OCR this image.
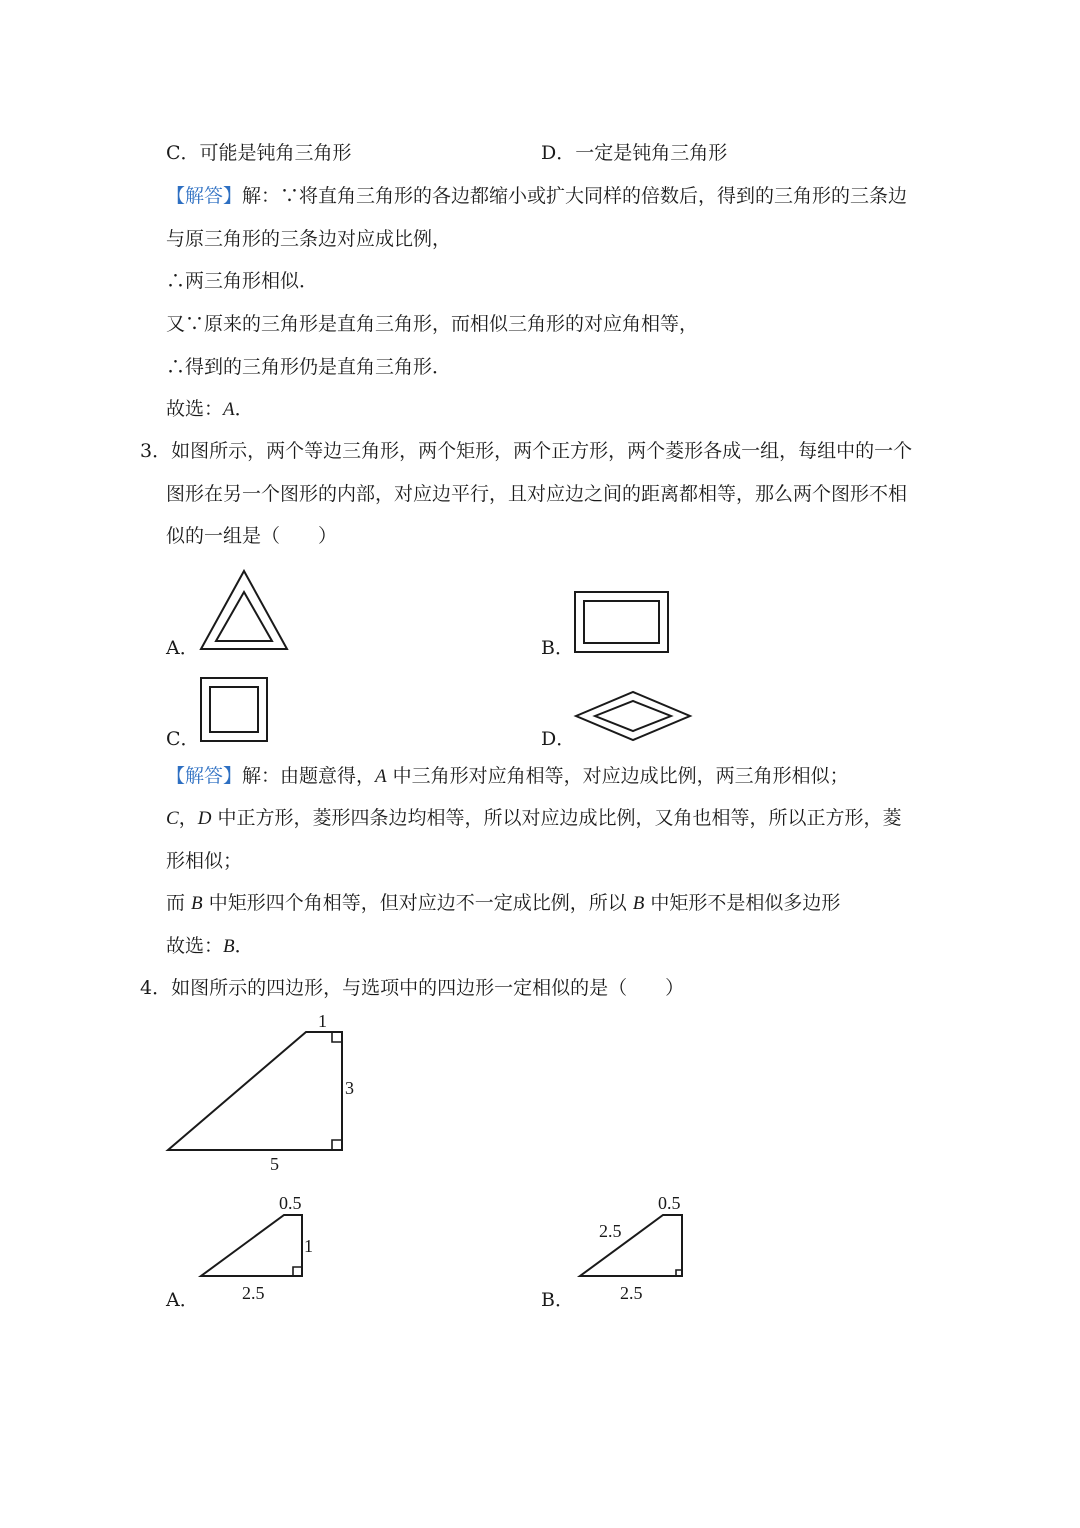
C．可能是钝角三角形	D．一定是钝角三角形
【解答】解：∵将直角三角形的各边都缩小或扩大同样的倍数后，得到的三角形的三条边
与原三角形的三条边对应成比例，
∴两三角形相似．
又∵原来的三角形是直角三角形，而相似三角形的对应角相等，
∴得到的三角形仍是直角三角形．
故选：A．
3．如图所示，两个等边三角形，两个矩形，两个正方形，两个菱形各成一组，每组中的一个
图形在另一个图形的内部，对应边平行，且对应边之间的距离都相等，那么两个图形不相
似的一组是（　　）
A．	B．
C．	D．
【解答】解：由题意得，A 中三角形对应角相等，对应边成比例，两三角形相似；
C，D 中正方形，菱形四条边均相等，所以对应边成比例，又角也相等，所以正方形，菱
形相似；
而 B 中矩形四个角相等，但对应边不一定成比例，所以 B 中矩形不是相似多边形
故选：B．
4．如图所示的四边形，与选项中的四边形一定相似的是（　　）
A．	B．
1
3
5
0.5
1
2.5
0.5
2.5
2.5
